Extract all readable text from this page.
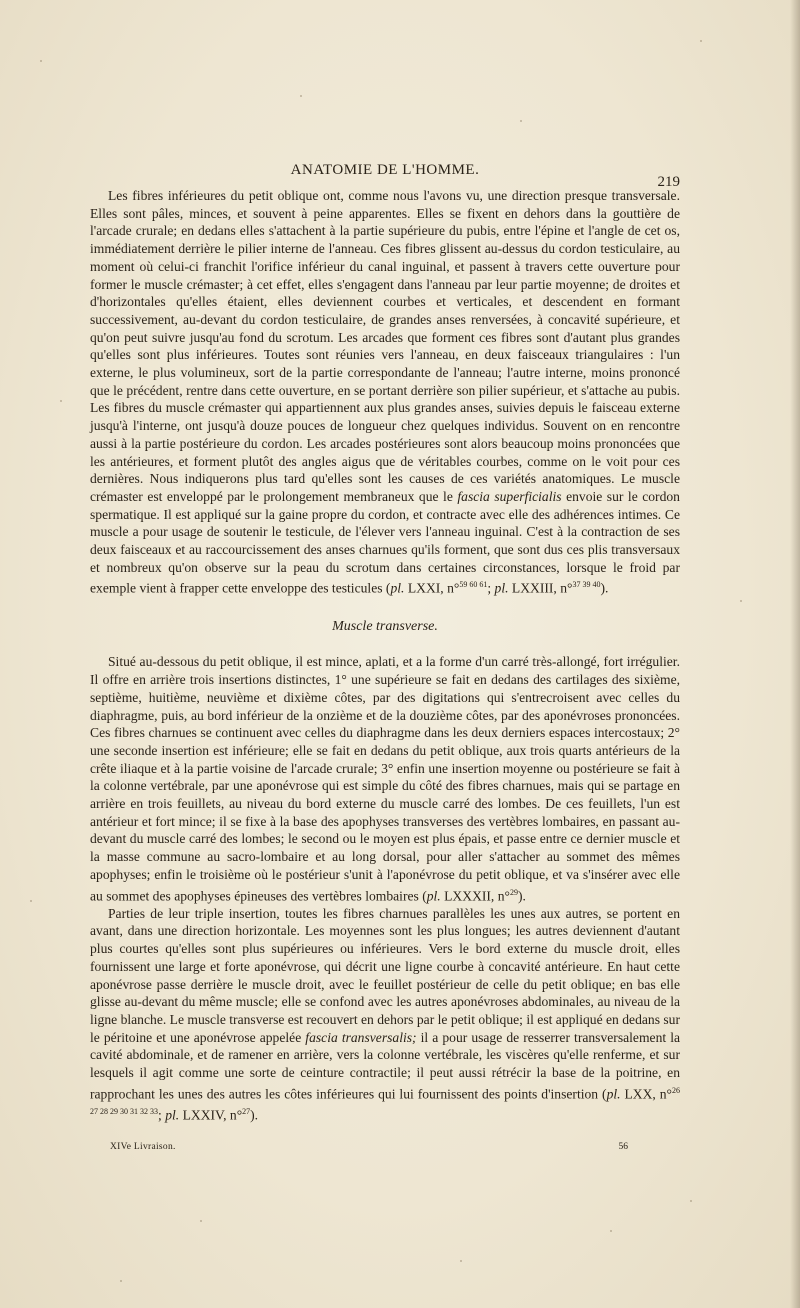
ANATOMIE DE L'HOMME.
219

Les fibres inférieures du petit oblique ont, comme nous l'avons vu, une direction presque transversale. Elles sont pâles, minces, et souvent à peine apparentes. Elles se fixent en dehors dans la gouttière de l'arcade crurale; en dedans elles s'attachent à la partie supérieure du pubis, entre l'épine et l'angle de cet os, immédiatement derrière le pilier interne de l'anneau. Ces fibres glissent au-dessus du cordon testiculaire, au moment où celui-ci franchit l'orifice inférieur du canal inguinal, et passent à travers cette ouverture pour former le muscle crémaster; à cet effet, elles s'engagent dans l'anneau par leur partie moyenne; de droites et d'horizontales qu'elles étaient, elles deviennent courbes et verticales, et descendent en formant successivement, au-devant du cordon testiculaire, de grandes anses renversées, à concavité supérieure, et qu'on peut suivre jusqu'au fond du scrotum. Les arcades que forment ces fibres sont d'autant plus grandes qu'elles sont plus inférieures. Toutes sont réunies vers l'anneau, en deux faisceaux triangulaires : l'un externe, le plus volumineux, sort de la partie correspondante de l'anneau; l'autre interne, moins prononcé que le précédent, rentre dans cette ouverture, en se portant derrière son pilier supérieur, et s'attache au pubis. Les fibres du muscle crémaster qui appartiennent aux plus grandes anses, suivies depuis le faisceau externe jusqu'à l'interne, ont jusqu'à douze pouces de longueur chez quelques individus. Souvent on en rencontre aussi à la partie postérieure du cordon. Les arcades postérieures sont alors beaucoup moins prononcées que les antérieures, et forment plutôt des angles aigus que de véritables courbes, comme on le voit pour ces dernières. Nous indiquerons plus tard qu'elles sont les causes de ces variétés anatomiques. Le muscle crémaster est enveloppé par le prolongement membraneux que le fascia superficialis envoie sur le cordon spermatique. Il est appliqué sur la gaine propre du cordon, et contracte avec elle des adhérences intimes. Ce muscle a pour usage de soutenir le testicule, de l'élever vers l'anneau inguinal. C'est à la contraction de ses deux faisceaux et au raccourcissement des anses charnues qu'ils forment, que sont dus ces plis transversaux et nombreux qu'on observe sur la peau du scrotum dans certaines circonstances, lorsque le froid par exemple vient à frapper cette enveloppe des testicules (pl. LXXI, n°$^{59 60 61}$; pl. LXXIII, n°$^{37 39 40}$).

Muscle transverse.

Situé au-dessous du petit oblique, il est mince, aplati, et a la forme d'un carré très-allongé, fort irrégulier. Il offre en arrière trois insertions distinctes, 1° une supérieure se fait en dedans des cartilages des sixième, septième, huitième, neuvième et dixième côtes, par des digitations qui s'entrecroisent avec celles du diaphragme, puis, au bord inférieur de la onzième et de la douzième côtes, par des aponévroses prononcées. Ces fibres charnues se continuent avec celles du diaphragme dans les deux derniers espaces intercostaux; 2° une seconde insertion est inférieure; elle se fait en dedans du petit oblique, aux trois quarts antérieurs de la crête iliaque et à la partie voisine de l'arcade crurale; 3° enfin une insertion moyenne ou postérieure se fait à la colonne vertébrale, par une aponévrose qui est simple du côté des fibres charnues, mais qui se partage en arrière en trois feuillets, au niveau du bord externe du muscle carré des lombes. De ces feuillets, l'un est antérieur et fort mince; il se fixe à la base des apophyses transverses des vertèbres lombaires, en passant au-devant du muscle carré des lombes; le second ou le moyen est plus épais, et passe entre ce dernier muscle et la masse commune au sacro-lombaire et au long dorsal, pour aller s'attacher au sommet des mêmes apophyses; enfin le troisième où le postérieur s'unit à l'aponévrose du petit oblique, et va s'insérer avec elle au sommet des apophyses épineuses des vertèbres lombaires (pl. LXXXII, n°$^{29}$).

Parties de leur triple insertion, toutes les fibres charnues parallèles les unes aux autres, se portent en avant, dans une direction horizontale. Les moyennes sont les plus longues; les autres deviennent d'autant plus courtes qu'elles sont plus supérieures ou inférieures. Vers le bord externe du muscle droit, elles fournissent une large et forte aponévrose, qui décrit une ligne courbe à concavité antérieure. En haut cette aponévrose passe derrière le muscle droit, avec le feuillet postérieur de celle du petit oblique; en bas elle glisse au-devant du même muscle; elle se confond avec les autres aponévroses abdominales, au niveau de la ligne blanche. Le muscle transverse est recouvert en dehors par le petit oblique; il est appliqué en dedans sur le péritoine et une aponévrose appelée fascia transversalis; il a pour usage de resserrer transversalement la cavité abdominale, et de ramener en arrière, vers la colonne vertébrale, les viscères qu'elle renferme, et sur lesquels il agit comme une sorte de ceinture contractile; il peut aussi rétrécir la base de la poitrine, en rapprochant les unes des autres les côtes inférieures qui lui fournissent des points d'insertion (pl. LXX, n°$^{26 27 28 29 30 31 32 33}$; pl. LXXIV, n°$^{27}$).

XIVe Livraison.	56
